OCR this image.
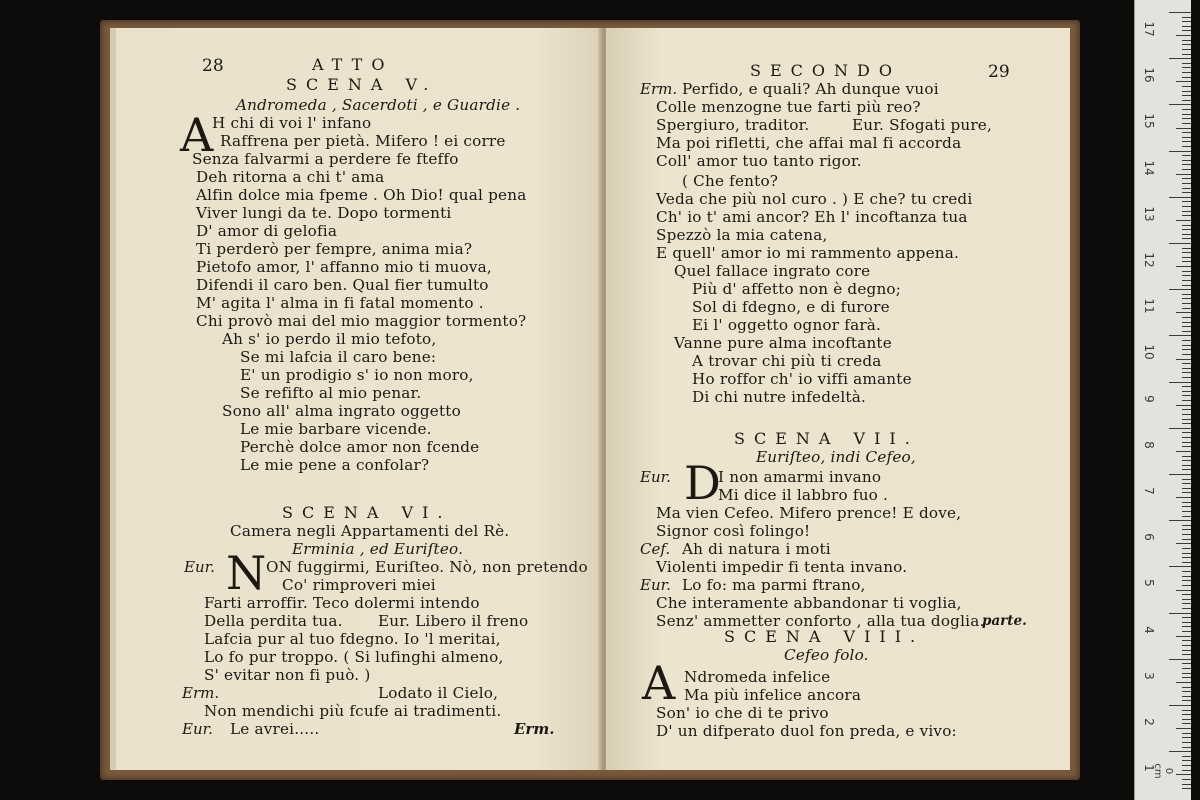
28	ATTO
SCENA V.
Andromeda , Sacerdoti , e Guardie .
A
H chi di voi l' infano
Raffrena per pietà. Mifero ! ei corre
Senza falvarmi a perdere fe fteffo
Deh ritorna a chi t' ama
Alfin dolce mia fpeme . Oh Dio! qual pena
Viver lungi da te. Dopo tormenti
D' amor di gelofia
Ti perderò per fempre, anima mia?
Pietofo amor, l' affanno mio ti muova,
Difendi il caro ben. Qual fier tumulto
M' agita l' alma in fi fatal momento .
Chi provò mai del mio maggior tormento?
Ah s' io perdo il mio tefoto,
Se mi lafcia il caro bene:
E' un prodigio s' io non moro,
Se refifto al mio penar.
Sono all' alma ingrato oggetto
Le mie barbare vicende.
Perchè dolce amor non fcende
Le mie pene a confolar?
SCENA VI.
Camera negli Appartamenti del Rè.
Erminia , ed Euriſteo.
Eur. N ON fuggirmi, Euriſteo. Nò, non pretendo
Co' rimproveri miei
Farti arroffir. Teco dolermi intendo
Della perdita tua. Eur. Libero il freno
Lafcia pur al tuo fdegno. Io 'l meritai,
Lo fo pur troppo. ( Si lufinghi almeno,
S' evitar non fi può. )
Lodato il Cielo,
Non mendichi più fcufe ai tradimenti.
Le avrei.....
Erm.
Eur.	Erm.
SECONDO	29
Erm. Perfido, e quali? Ah dunque vuoi
Colle menzogne tue farti più reo?
Spergiuro, traditor.	Eur. Sfogati pure,
Ma poi rifletti, che affai mal fi accorda
Coll' amor tuo tanto rigor.
( Che fento?
Veda che più nol curo . ) E che? tu credi
Ch' io t' ami ancor? Eh l' incoftanza tua
Spezzò la mia catena,
E quell' amor io mi rammento appena.
Quel fallace ingrato core
Più d' affetto non è degno;
Sol di fdegno, e di furore
Ei l' oggetto ognor farà.
Vanne pure alma incoftante
A trovar chi più ti creda
Ho roffor ch' io viffi amante
Di chi nutre infedeltà.
SCENA VII.
Euriſteo, indi Cefeo,
Eur. D
I non amarmi invano
Mi dice il labbro fuo .
Ma vien Cefeo. Mifero prence! E dove,
Signor così folingo!
Ah di natura i moti
Violenti impedir fi tenta invano.
Lo fo: ma parmi ftrano,
Che interamente abbandonar ti voglia,
Senz' ammetter conforto , alla tua doglia.
Cef.
Eur.
parte.
SCENA VIII.
Cefeo folo.
A Ndromeda infelice
Ma più infelice ancora
Son' io che di te privo
D' un difperato duol fon preda, e vivo:
0 cm
17
16
15
14
13
12
11
10
9
8
7
6
5
4
3
2
1
